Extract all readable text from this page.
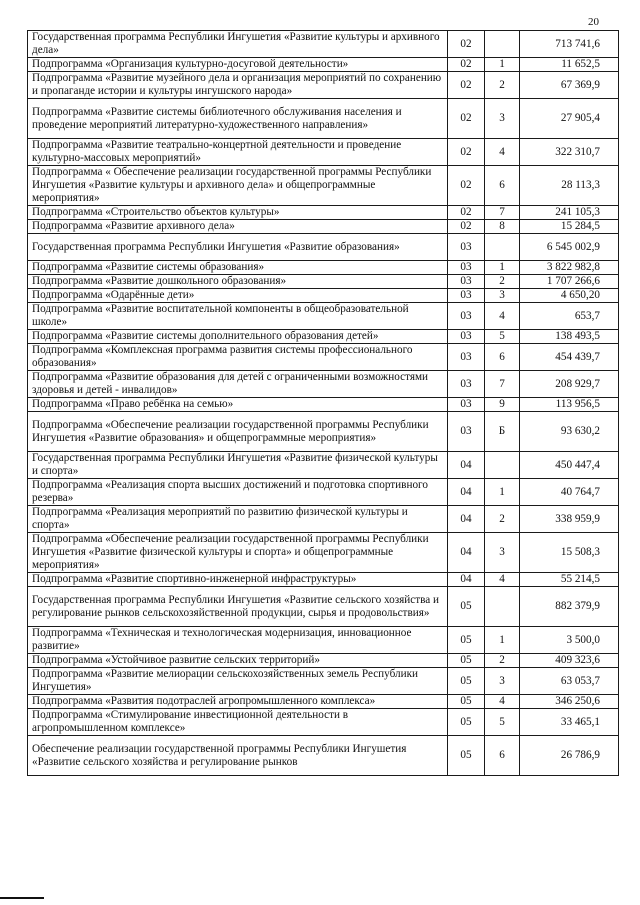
20
Государственная программа Республики Ингушетия «Развитие культуры и архивного дела»	02		713 741,6
Подпрограмма «Организация культурно-досуговой деятельности»	02	1	11 652,5
Подпрограмма «Развитие музейного дела и организация мероприятий по сохранению и пропаганде истории и культуры ингушского народа»	02	2	67 369,9
Подпрограмма «Развитие системы библиотечного обслуживания населения и проведение мероприятий литературно-художественного направления»	02	3	27 905,4
Подпрограмма «Развитие театрально-концертной деятельности и проведение культурно-массовых мероприятий»	02	4	322 310,7
Подпрограмма « Обеспечение реализации государственной программы Республики Ингушетия «Развитие культуры и архивного дела» и общепрограммные мероприятия»	02	6	28 113,3
Подпрограмма «Строительство объектов культуры»	02	7	241 105,3
Подпрограмма «Развитие архивного дела»	02	8	15 284,5
Государственная программа Республики Ингушетия «Развитие образования»	03		6 545 002,9
Подпрограмма «Развитие системы образования»	03	1	3 822 982,8
Подпрограмма «Развитие дошкольного образования»	03	2	1 707 266,6
Подпрограмма «Одарённые дети»	03	3	4 650,20
Подпрограмма «Развитие воспитательной компоненты в общеобразовательной школе»	03	4	653,7
Подпрограмма «Развитие системы дополнительного образования детей»	03	5	138 493,5
Подпрограмма «Комплексная программа развития системы профессионального образования»	03	6	454 439,7
Подпрограмма «Развитие образования для детей с ограниченными возможностями здоровья и детей - инвалидов»	03	7	208 929,7
Подпрограмма «Право ребёнка на семью»	03	9	113 956,5
Подпрограмма «Обеспечение реализации государственной программы Республики Ингушетия «Развитие образования» и общепрограммные мероприятия»	03	Б	93 630,2
Государственная программа Республики Ингушетия «Развитие физической культуры и спорта»	04		450 447,4
Подпрограмма «Реализация спорта высших достижений и подготовка спортивного резерва»	04	1	40 764,7
Подпрограмма «Реализация мероприятий по развитию физической культуры и спорта»	04	2	338 959,9
Подпрограмма «Обеспечение реализации государственной программы Республики Ингушетия «Развитие физической культуры и спорта» и общепрограммные мероприятия»	04	3	15 508,3
Подпрограмма «Развитие спортивно-инженерной инфраструктуры»	04	4	55 214,5
Государственная программа Республики Ингушетия «Развитие сельского хозяйства и регулирование рынков сельскохозяйственной продукции, сырья и продовольствия»	05		882 379,9
Подпрограмма «Техническая и технологическая модернизация, инновационное развитие»	05	1	3 500,0
Подпрограмма «Устойчивое развитие сельских территорий»	05	2	409 323,6
Подпрограмма «Развитие мелиорации сельскохозяйственных земель Республики Ингушетия»	05	3	63 053,7
Подпрограмма «Развития подотраслей агропромышленного комплекса»	05	4	346 250,6
Подпрограмма «Стимулирование инвестиционной деятельности в агропромышленном комплексе»	05	5	33 465,1
Обеспечение реализации государственной программы Республики Ингушетия «Развитие сельского хозяйства и регулирование рынков	05	6	26 786,9
